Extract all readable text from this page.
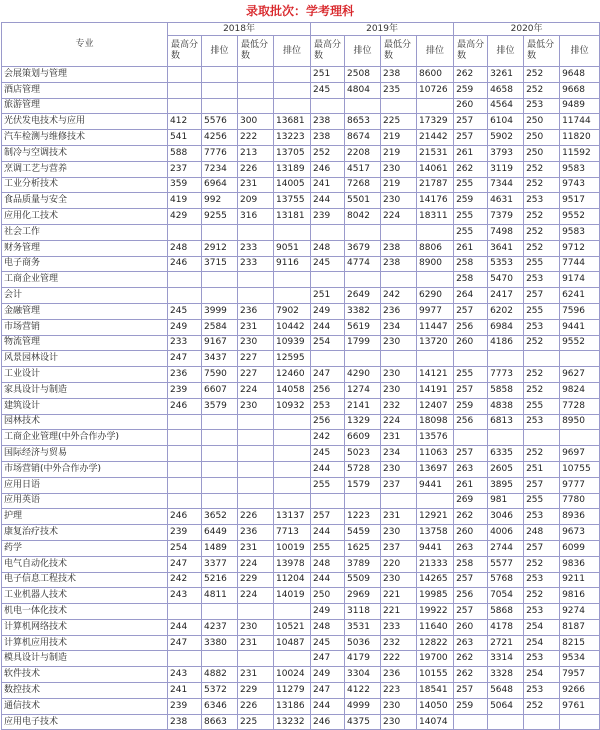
录取批次：学考理科
专业	2018年				2019年				2020年			
	最高分数	排位	最低分数	排位	最高分数	排位	最低分数	排位	最高分数	排位	最低分数	排位
会展策划与管理					251	2508	238	8600	262	3261	252	9648
酒店管理					245	4804	235	10726	259	4658	252	9668
旅游管理									260	4564	253	9489
光伏发电技术与应用	412	5576	300	13681	238	8653	225	17329	257	6104	250	11744
汽车检测与维修技术	541	4256	222	13223	238	8674	219	21442	257	5902	250	11820
制冷与空调技术	588	7776	213	13705	252	2208	219	21531	261	3793	250	11592
烹调工艺与营养	237	7234	226	13189	246	4517	230	14061	262	3119	252	9583
工业分析技术	359	6964	231	14005	241	7268	219	21787	255	7344	252	9743
食品质量与安全	419	992	209	13755	244	5501	230	14176	259	4631	253	9517
应用化工技术	429	9255	316	13181	239	8042	224	18311	255	7379	252	9552
社会工作									255	7498	252	9583
财务管理	248	2912	233	9051	248	3679	238	8806	261	3641	252	9712
电子商务	246	3715	233	9116	245	4774	238	8900	258	5353	255	7744
工商企业管理									258	5470	253	9174
会计					251	2649	242	6290	264	2417	257	6241
金融管理	245	3999	236	7902	249	3382	236	9977	257	6202	255	7596
市场营销	249	2584	231	10442	244	5619	234	11447	256	6984	253	9441
物流管理	233	9167	230	10939	254	1799	230	13720	260	4186	252	9552
风景园林设计	247	3437	227	12595								
工业设计	236	7590	227	12460	247	4290	230	14121	255	7773	252	9627
家具设计与制造	239	6607	224	14058	256	1274	230	14191	257	5858	252	9824
建筑设计	246	3579	230	10932	253	2141	232	12407	259	4838	255	7728
园林技术					256	1329	224	18098	256	6813	253	8950
工商企业管理(中外合作办学)					242	6609	231	13576				
国际经济与贸易					245	5023	234	11063	257	6335	252	9697
市场营销(中外合作办学)					244	5728	230	13697	263	2605	251	10755
应用日语					255	1579	237	9441	261	3895	257	9777
应用英语									269	981	255	7780
护理	246	3652	226	13137	257	1223	231	12921	262	3046	253	8936
康复治疗技术	239	6449	236	7713	244	5459	230	13758	260	4006	248	9673
药学	254	1489	231	10019	255	1625	237	9441	263	2744	257	6099
电气自动化技术	247	3377	224	13978	248	3789	220	21333	258	5577	252	9836
电子信息工程技术	242	5216	229	11204	244	5509	230	14265	257	5768	253	9211
工业机器人技术	243	4811	224	14019	250	2969	221	19985	256	7054	252	9816
机电一体化技术					249	3118	221	19922	257	5868	253	9274
计算机网络技术	244	4237	230	10521	248	3531	233	11640	260	4178	254	8187
计算机应用技术	247	3380	231	10487	245	5036	232	12822	263	2721	254	8215
模具设计与制造					247	4179	222	19700	262	3314	253	9534
软件技术	243	4882	231	10024	249	3304	236	10155	262	3328	254	7957
数控技术	241	5372	229	11279	247	4122	223	18541	257	5648	253	9266
通信技术	239	6346	226	13186	244	4999	230	14050	259	5064	252	9761
应用电子技术	238	8663	225	13232	246	4375	230	14074				
